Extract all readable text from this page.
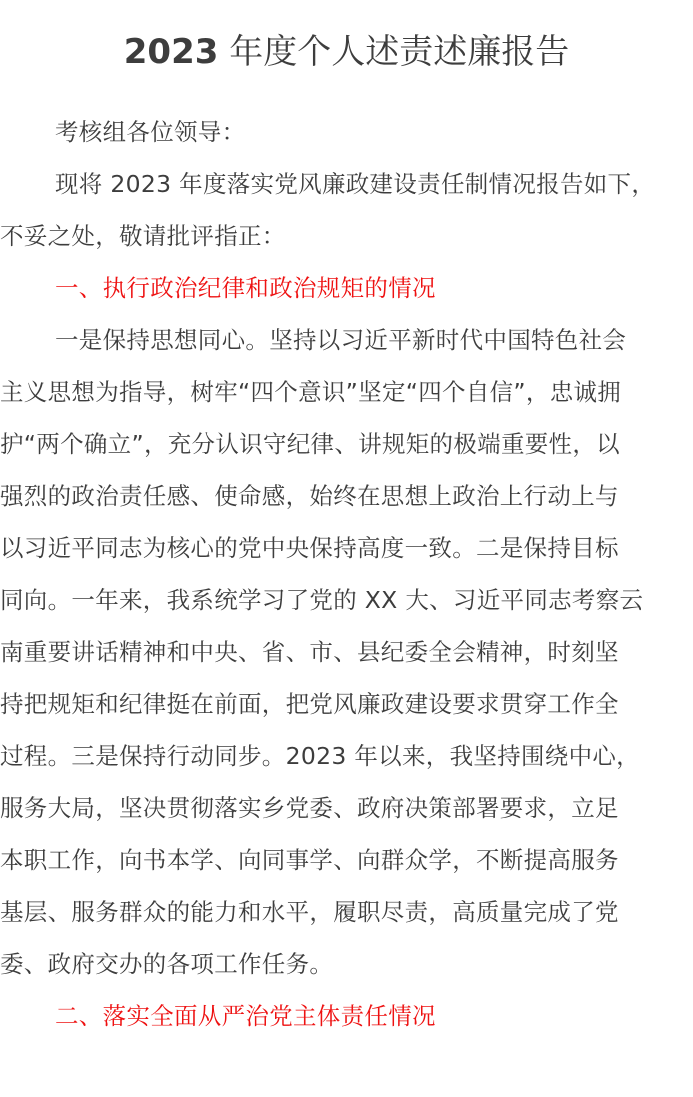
2023 年度个人述责述廉报告
考核组各位领导：
现将 2023 年度落实党风廉政建设责任制情况报告如下，
不妥之处，敬请批评指正：
一、执行政治纪律和政治规矩的情况
一是保持思想同心。坚持以习近平新时代中国特色社会
主义思想为指导，树牢“四个意识”坚定“四个自信”，忠诚拥
护“两个确立”，充分认识守纪律、讲规矩的极端重要性，以
强烈的政治责任感、使命感，始终在思想上政治上行动上与
以习近平同志为核心的党中央保持高度一致。二是保持目标
同向。一年来，我系统学习了党的 XX 大、习近平同志考察云
南重要讲话精神和中央、省、市、县纪委全会精神，时刻坚
持把规矩和纪律挺在前面，把党风廉政建设要求贯穿工作全
过程。三是保持行动同步。2023 年以来，我坚持围绕中心，
服务大局，坚决贯彻落实乡党委、政府决策部署要求，立足
本职工作，向书本学、向同事学、向群众学，不断提高服务
基层、服务群众的能力和水平，履职尽责，高质量完成了党
委、政府交办的各项工作任务。
二、落实全面从严治党主体责任情况
